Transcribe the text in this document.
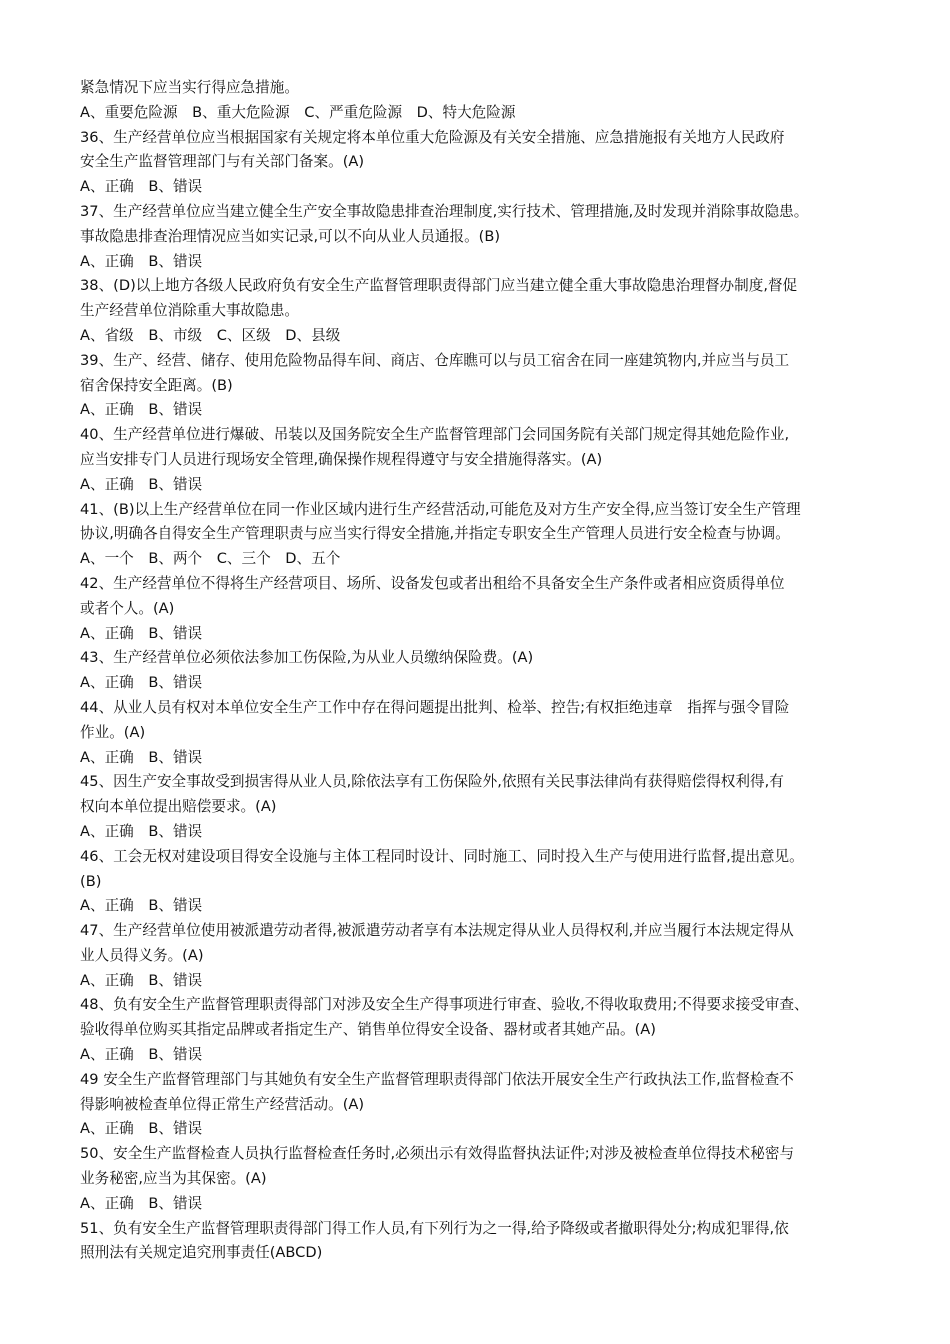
紧急情况下应当实行得应急措施。
A、重要危险源　B、重大危险源　C、严重危险源　D、特大危险源
36、生产经营单位应当根据国家有关规定将本单位重大危险源及有关安全措施、应急措施报有关地方人民政府
安全生产监督管理部门与有关部门备案。(A)
A、正确　B、错误
37、生产经营单位应当建立健全生产安全事故隐患排查治理制度,实行技术、管理措施,及时发现并消除事故隐患。
事故隐患排查治理情况应当如实记录,可以不向从业人员通报。(B)
A、正确　B、错误
38、(D)以上地方各级人民政府负有安全生产监督管理职责得部门应当建立健全重大事故隐患治理督办制度,督促
生产经营单位消除重大事故隐患。
A、省级　B、市级　C、区级　D、县级
39、生产、经营、储存、使用危险物品得车间、商店、仓库瞧可以与员工宿舍在同一座建筑物内,并应当与员工
宿舍保持安全距离。(B)
A、正确　B、错误
40、生产经营单位进行爆破、吊装以及国务院安全生产监督管理部门会同国务院有关部门规定得其她危险作业,
应当安排专门人员进行现场安全管理,确保操作规程得遵守与安全措施得落实。(A)
A、正确　B、错误
41、(B)以上生产经营单位在同一作业区域内进行生产经营活动,可能危及对方生产安全得,应当签订安全生产管理
协议,明确各自得安全生产管理职责与应当实行得安全措施,并指定专职安全生产管理人员进行安全检查与协调。
A、一个　B、两个　C、三个　D、五个
42、生产经营单位不得将生产经营项目、场所、设备发包或者出租给不具备安全生产条件或者相应资质得单位
或者个人。(A)
A、正确　B、错误
43、生产经营单位必须依法参加工伤保险,为从业人员缴纳保险费。(A)
A、正确　B、错误
44、从业人员有权对本单位安全生产工作中存在得问题提出批判、检举、控告;有权拒绝违章　指挥与强令冒险
作业。(A)
A、正确　B、错误
45、因生产安全事故受到损害得从业人员,除依法享有工伤保险外,依照有关民事法律尚有获得赔偿得权利得,有
权向本单位提出赔偿要求。(A)
A、正确　B、错误
46、工会无权对建设项目得安全设施与主体工程同时设计、同时施工、同时投入生产与使用进行监督,提出意见。
(B)
A、正确　B、错误
47、生产经营单位使用被派遣劳动者得,被派遣劳动者享有本法规定得从业人员得权利,并应当履行本法规定得从
业人员得义务。(A)
A、正确　B、错误
48、负有安全生产监督管理职责得部门对涉及安全生产得事项进行审查、验收,不得收取费用;不得要求接受审查、
验收得单位购买其指定品牌或者指定生产、销售单位得安全设备、器材或者其她产品。(A)
A、正确　B、错误
49 安全生产监督管理部门与其她负有安全生产监督管理职责得部门依法开展安全生产行政执法工作,监督检查不
得影响被检查单位得正常生产经营活动。(A)
A、正确　B、错误
50、安全生产监督检查人员执行监督检查任务时,必须出示有效得监督执法证件;对涉及被检查单位得技术秘密与
业务秘密,应当为其保密。(A)
A、正确　B、错误
51、负有安全生产监督管理职责得部门得工作人员,有下列行为之一得,给予降级或者撤职得处分;构成犯罪得,依
照刑法有关规定追究刑事责任(ABCD)
